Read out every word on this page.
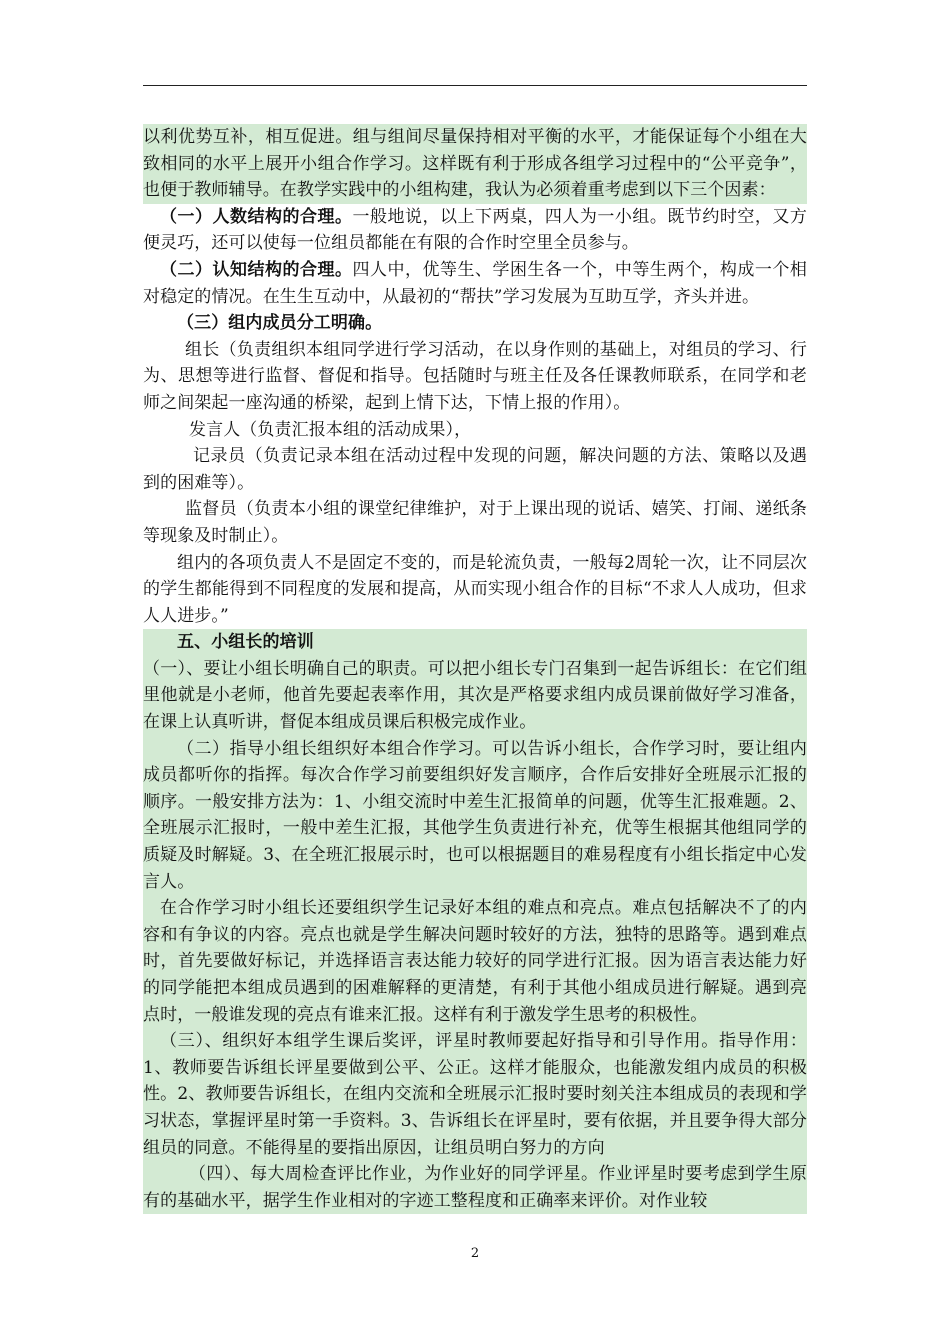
以利优势互补，相互促进。组与组间尽量保持相对平衡的水平，才能保证每个小组在大致相同的水平上展开小组合作学习。这样既有利于形成各组学习过程中的“公平竞争”，也便于教师辅导。在教学实践中的小组构建，我认为必须着重考虑到以下三个因素：

（一）人数结构的合理。一般地说，以上下两桌，四人为一小组。既节约时空，又方便灵巧，还可以使每一位组员都能在有限的合作时空里全员参与。

（二）认知结构的合理。四人中，优等生、学困生各一个，中等生两个，构成一个相对稳定的情况。在生生互动中，从最初的“帮扶”学习发展为互助互学，齐头并进。

（三）组内成员分工明确。

组长（负责组织本组同学进行学习活动，在以身作则的基础上，对组员的学习、行为、思想等进行监督、督促和指导。包括随时与班主任及各任课教师联系，在同学和老师之间架起一座沟通的桥梁，起到上情下达，下情上报的作用）。

发言人（负责汇报本组的活动成果），

记录员（负责记录本组在活动过程中发现的问题，解决问题的方法、策略以及遇到的困难等）。

监督员（负责本小组的课堂纪律维护，对于上课出现的说话、嬉笑、打闹、递纸条等现象及时制止）。

组内的各项负责人不是固定不变的，而是轮流负责，一般每2周轮一次，让不同层次的学生都能得到不同程度的发展和提高，从而实现小组合作的目标“不求人人成功，但求人人进步。”

五、小组长的培训

（一）、要让小组长明确自己的职责。可以把小组长专门召集到一起告诉组长：在它们组里他就是小老师，他首先要起表率作用，其次是严格要求组内成员课前做好学习准备，在课上认真听讲，督促本组成员课后积极完成作业。

（二）指导小组长组织好本组合作学习。可以告诉小组长，合作学习时，要让组内成员都听你的指挥。每次合作学习前要组织好发言顺序，合作后安排好全班展示汇报的顺序。一般安排方法为：1、小组交流时中差生汇报简单的问题，优等生汇报难题。2、全班展示汇报时，一般中差生汇报，其他学生负责进行补充，优等生根据其他组同学的质疑及时解疑。3、在全班汇报展示时，也可以根据题目的难易程度有小组长指定中心发言人。

在合作学习时小组长还要组织学生记录好本组的难点和亮点。难点包括解决不了的内容和有争议的内容。亮点也就是学生解决问题时较好的方法，独特的思路等。遇到难点时，首先要做好标记，并选择语言表达能力较好的同学进行汇报。因为语言表达能力好的同学能把本组成员遇到的困难解释的更清楚，有利于其他小组成员进行解疑。遇到亮点时，一般谁发现的亮点有谁来汇报。这样有利于激发学生思考的积极性。

（三）、组织好本组学生课后奖评，评星时教师要起好指导和引导作用。指导作用：1、教师要告诉组长评星要做到公平、公正。这样才能服众，也能激发组内成员的积极性。2、教师要告诉组长，在组内交流和全班展示汇报时要时刻关注本组成员的表现和学习状态，掌握评星时第一手资料。3、告诉组长在评星时，要有依据，并且要争得大部分组员的同意。不能得星的要指出原因，让组员明白努力的方向

（四）、每大周检查评比作业，为作业好的同学评星。作业评星时要考虑到学生原有的基础水平，据学生作业相对的字迹工整程度和正确率来评价。对作业较

2
